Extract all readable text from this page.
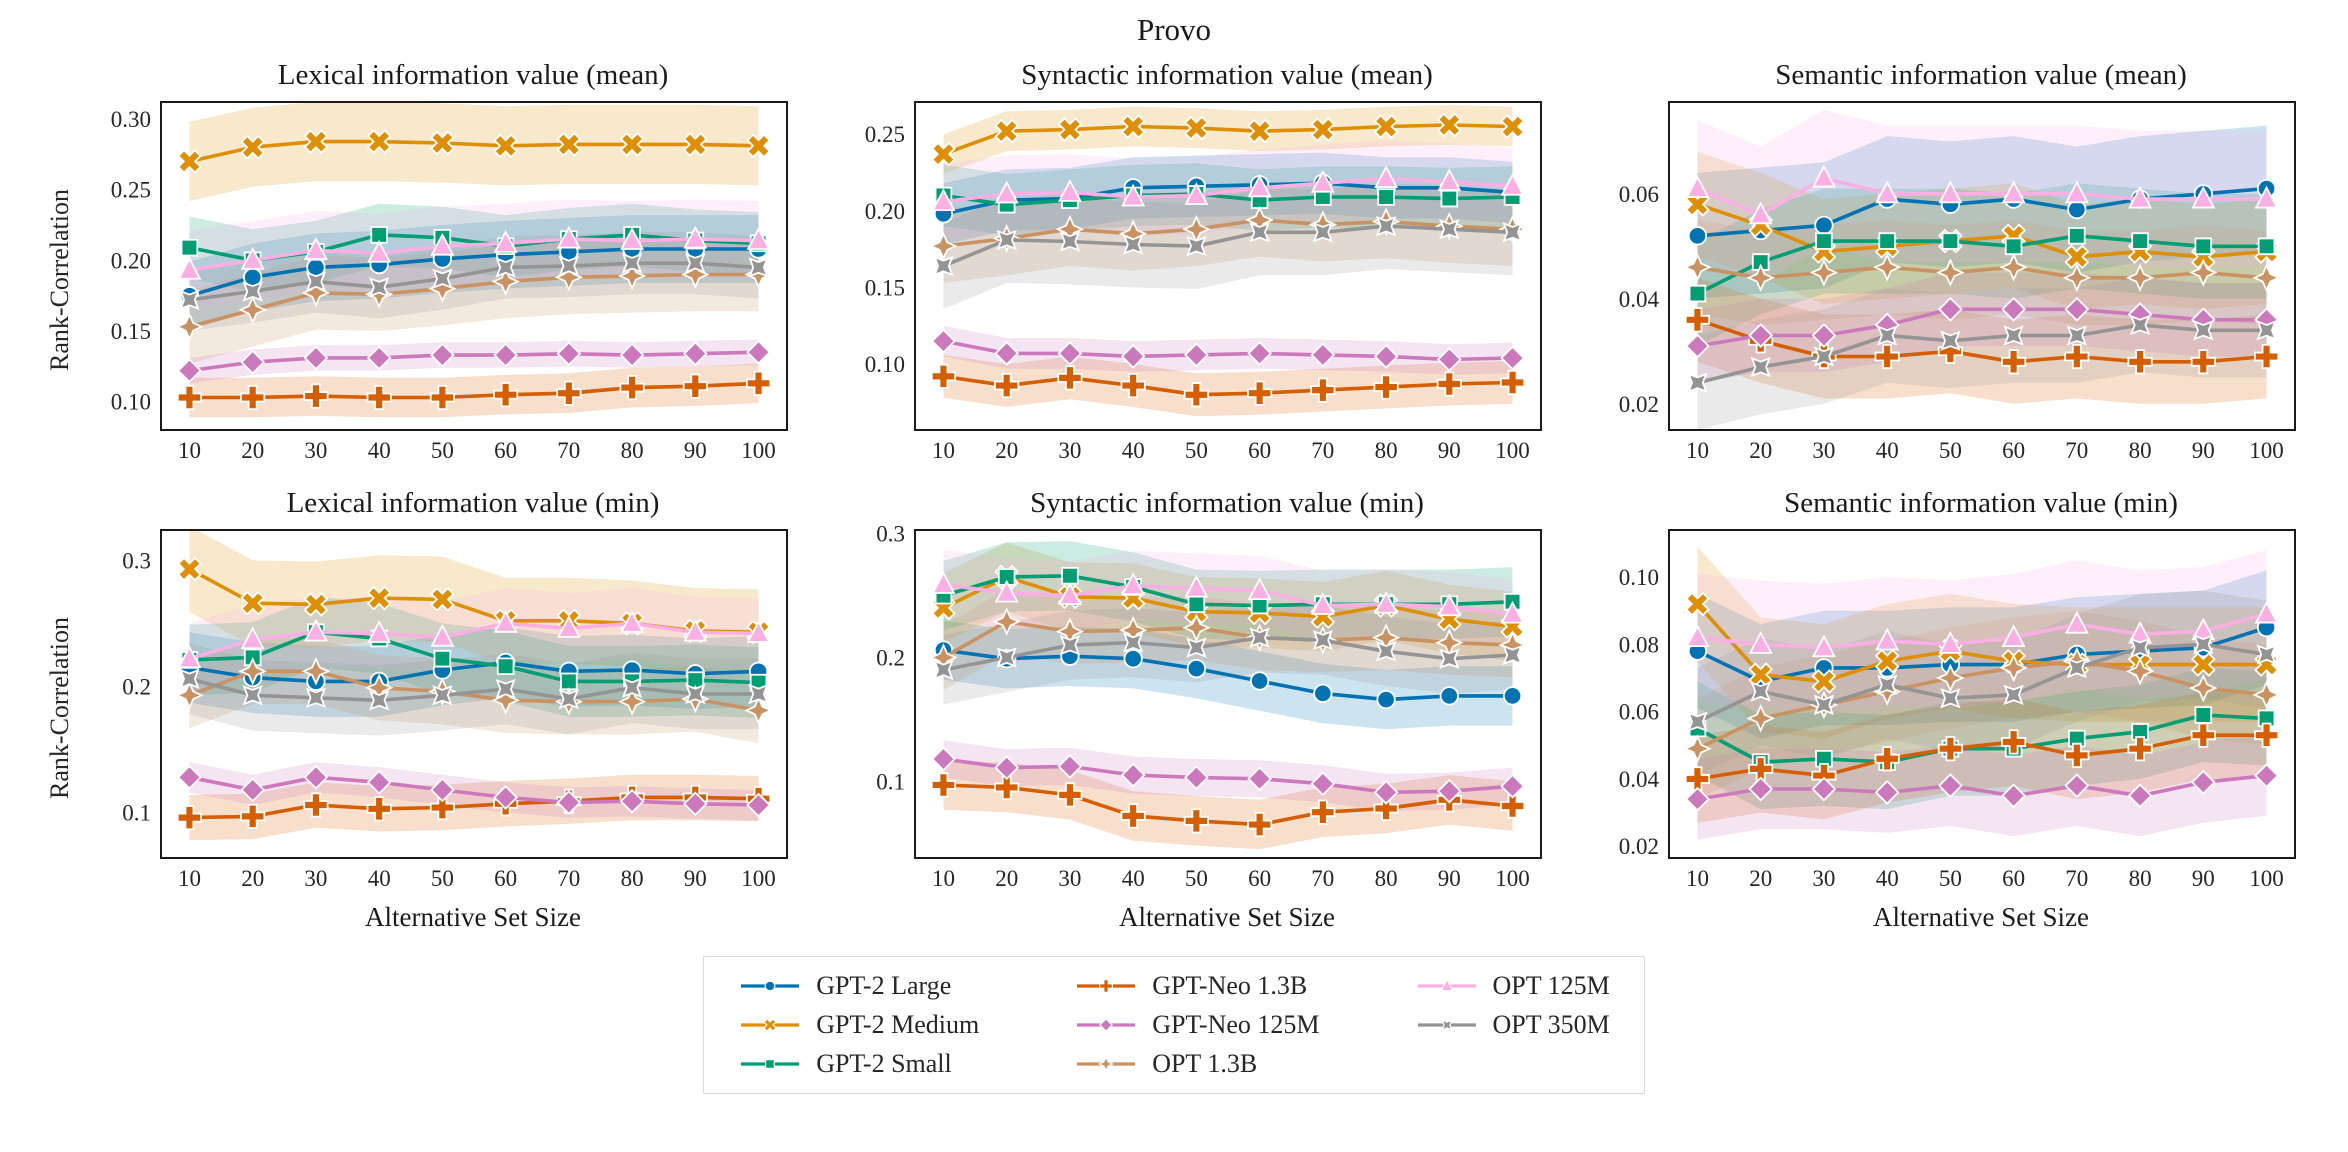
Provo
Rank-Correlation
Lexical information value (mean)
0.30
0.25
0.20
0.15
0.10
10 20 30 40 50 60 70 80 90 100
Syntactic information value (mean)
0.25
0.20
0.15
0.10
10 20 30 40 50 60 70 80 90 100
Semantic information value (mean)
0.06
0.04
0.02
10 20 30 40 50 60 70 80 90 100
Rank-Correlation
Lexical information value (min)
0.3
0.2
0.1
10 20 30 40 50 60 70 80 90 100
Alternative Set Size
Syntactic information value (min)
0.3
0.2
0.1
10 20 30 40 50 60 70 80 90 100
Alternative Set Size
Semantic information value (min)
0.10
0.08
0.06
0.04
0.02
10 20 30 40 50 60 70 80 90 100
Alternative Set Size
GPT-2 Large
GPT-2 Medium
GPT-2 Small
GPT-Neo 1.3B
GPT-Neo 125M
OPT 1.3B
OPT 125M
OPT 350M
